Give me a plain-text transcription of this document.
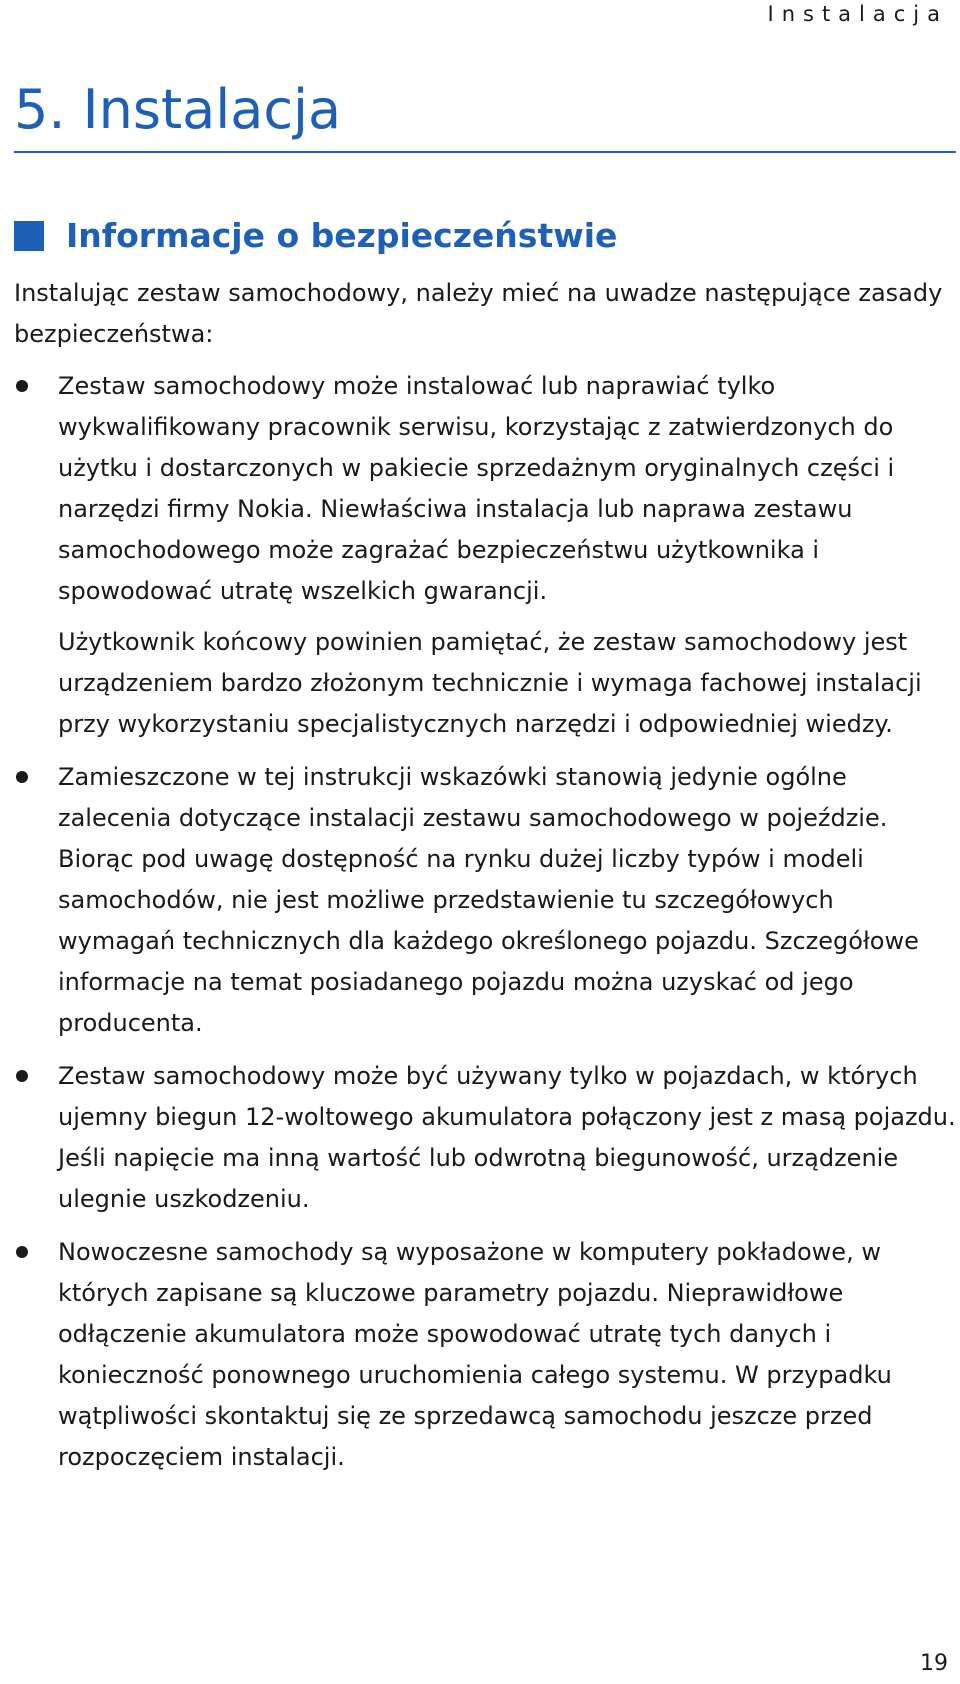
Instalacja
5. Instalacja
Informacje o bezpieczeństwie

Instalując zestaw samochodowy, należy mieć na uwadze następujące zasady bezpieczeństwa:

Zestaw samochodowy może instalować lub naprawiać tylko wykwalifikowany pracownik serwisu, korzystając z zatwierdzonych do użytku i dostarczonych w pakiecie sprzedażnym oryginalnych części i narzędzi firmy Nokia. Niewłaściwa instalacja lub naprawa zestawu samochodowego może zagrażać bezpieczeństwu użytkownika i spowodować utratę wszelkich gwarancji.

Użytkownik końcowy powinien pamiętać, że zestaw samochodowy jest urządzeniem bardzo złożonym technicznie i wymaga fachowej instalacji przy wykorzystaniu specjalistycznych narzędzi i odpowiedniej wiedzy.

Zamieszczone w tej instrukcji wskazówki stanowią jedynie ogólne zalecenia dotyczące instalacji zestawu samochodowego w pojeździe. Biorąc pod uwagę dostępność na rynku dużej liczby typów i modeli samochodów, nie jest możliwe przedstawienie tu szczegółowych wymagań technicznych dla każdego określonego pojazdu. Szczegółowe informacje na temat posiadanego pojazdu można uzyskać od jego producenta.

Zestaw samochodowy może być używany tylko w pojazdach, w których ujemny biegun 12-woltowego akumulatora połączony jest z masą pojazdu. Jeśli napięcie ma inną wartość lub odwrotną biegunowość, urządzenie ulegnie uszkodzeniu.

Nowoczesne samochody są wyposażone w komputery pokładowe, w których zapisane są kluczowe parametry pojazdu. Nieprawidłowe odłączenie akumulatora może spowodować utratę tych danych i konieczność ponownego uruchomienia całego systemu. W przypadku wątpliwości skontaktuj się ze sprzedawcą samochodu jeszcze przed rozpoczęciem instalacji.

19
